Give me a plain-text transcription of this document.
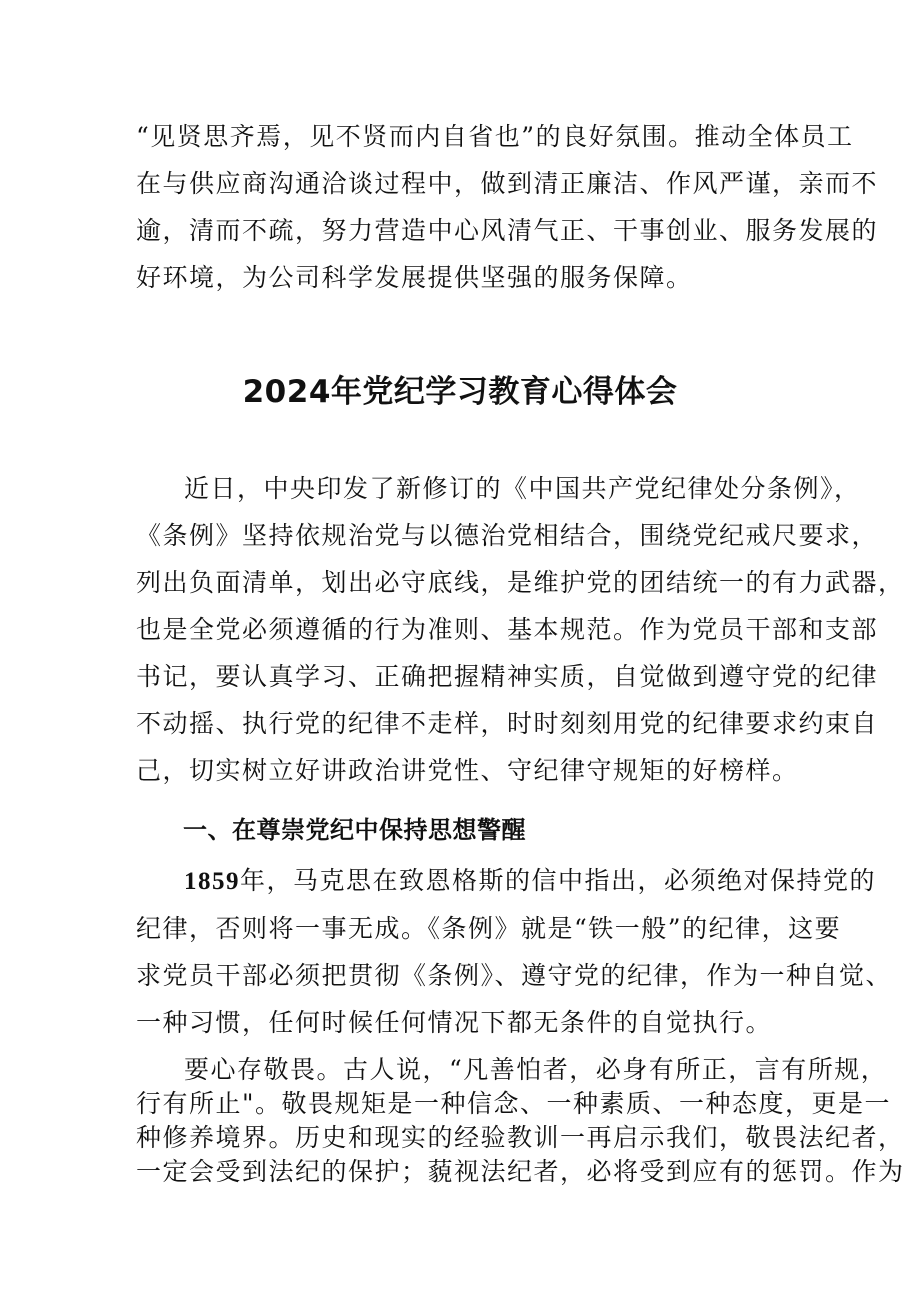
“见贤思齐焉，见不贤而内自省也”的良好氛围。推动全体员工
在与供应商沟通洽谈过程中，做到清正廉洁、作风严谨，亲而不
逾，清而不疏，努力营造中心风清气正、干事创业、服务发展的
好环境，为公司科学发展提供坚强的服务保障。
2024年党纪学习教育心得体会
近日，中央印发了新修订的《中国共产党纪律处分条例》，
《条例》坚持依规治党与以德治党相结合，围绕党纪戒尺要求，
列出负面清单，划出必守底线，是维护党的团结统一的有力武器，
也是全党必须遵循的行为准则、基本规范。作为党员干部和支部
书记，要认真学习、正确把握精神实质，自觉做到遵守党的纪律
不动摇、执行党的纪律不走样，时时刻刻用党的纪律要求约束自
己，切实树立好讲政治讲党性、守纪律守规矩的好榜样。
一、在尊崇党纪中保持思想警醒
1859年，马克思在致恩格斯的信中指出，必须绝对保持党的
纪律，否则将一事无成。《条例》就是“铁一般”的纪律，这要
求党员干部必须把贯彻《条例》、遵守党的纪律，作为一种自觉、
一种习惯，任何时候任何情况下都无条件的自觉执行。
要心存敬畏。古人说，“凡善怕者，必身有所正，言有所规，
行有所止"。敬畏规矩是一种信念、一种素质、一种态度，更是一
种修养境界。历史和现实的经验教训一再启示我们，敬畏法纪者，
一定会受到法纪的保护；藐视法纪者，必将受到应有的惩罚。作为
